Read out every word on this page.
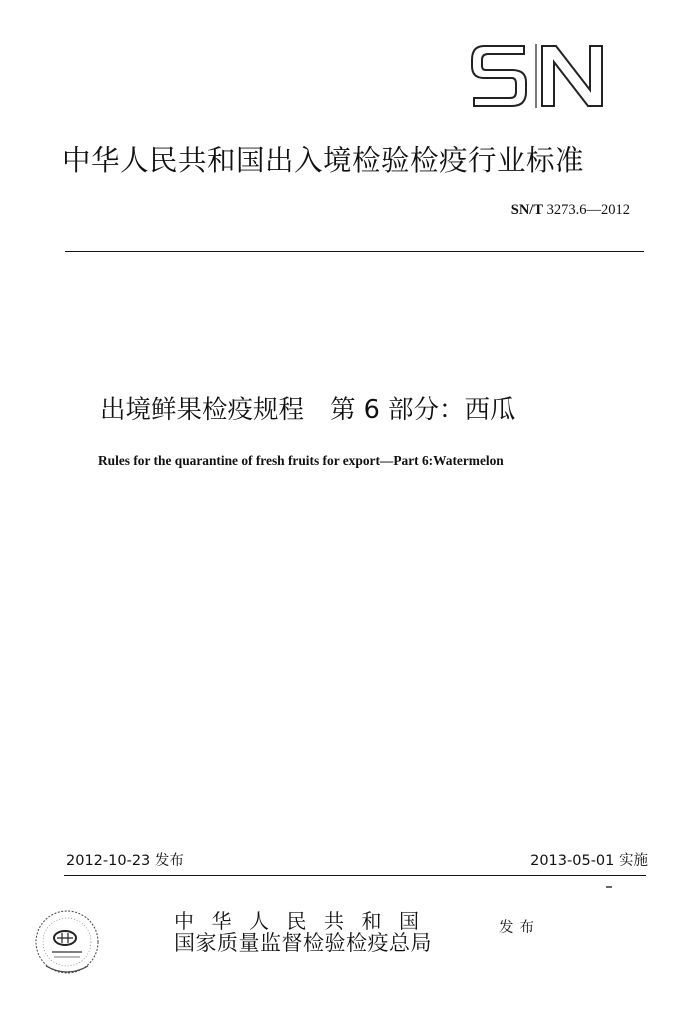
中华人民共和国出入境检验检疫行业标准
SN/T 3273.6—2012
出境鲜果检疫规程 第 6 部分：西瓜
Rules for the quarantine of fresh fruits for export—Part 6:Watermelon
2012-10-23 发布	2013-05-01 实施
中华人民共和国
国家质量监督检验检疫总局
发布
